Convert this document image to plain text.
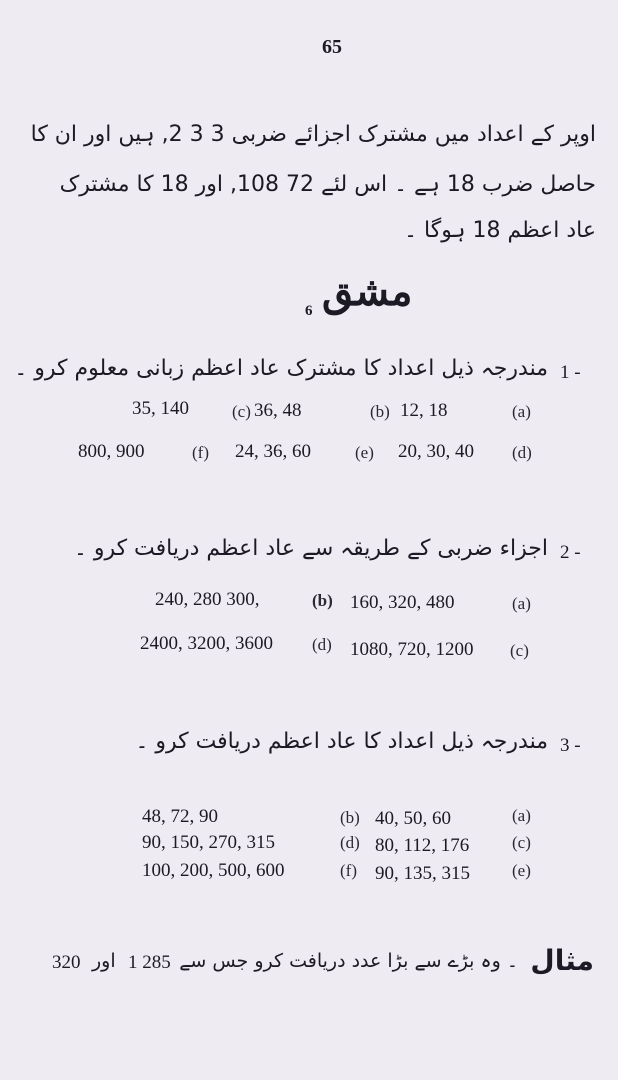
65
اوپر کے اعداد میں مشترک اجزائے ضربی 3 3 2, ہیں اور ان کا
حاصل ضرب 18 ہے ۔ اس لئے 72 108, اور 18 کا مشترک
عاد اعظم 18 ہوگا ۔
مشق
6
1 -
مندرجہ ذیل اعداد کا مشترک عاد اعظم زبانی معلوم کرو ۔
(a)
12, 18
(b)
36, 48
(c)
35, 140
(d)
20, 30, 40
(e)
24, 36, 60
(f)
800, 900
2 -
اجزاء ضربی کے طریقہ سے عاد اعظم دریافت کرو ۔
(a)
160, 320, 480
(b)
240, 280 300,
(c)
1080, 720, 1200
(d)
2400, 3200, 3600
3 -
مندرجہ ذیل اعداد کا عاد اعظم دریافت کرو ۔
(a)
40, 50, 60
(b)
48, 72, 90
(c)
80, 112, 176
(d)
90, 150, 270, 315
(e)
90, 135, 315
(f)
100, 200, 500, 600
مثال
۔ وہ بڑے سے بڑا عدد دریافت کرو جس سے
1 285
اور
320
